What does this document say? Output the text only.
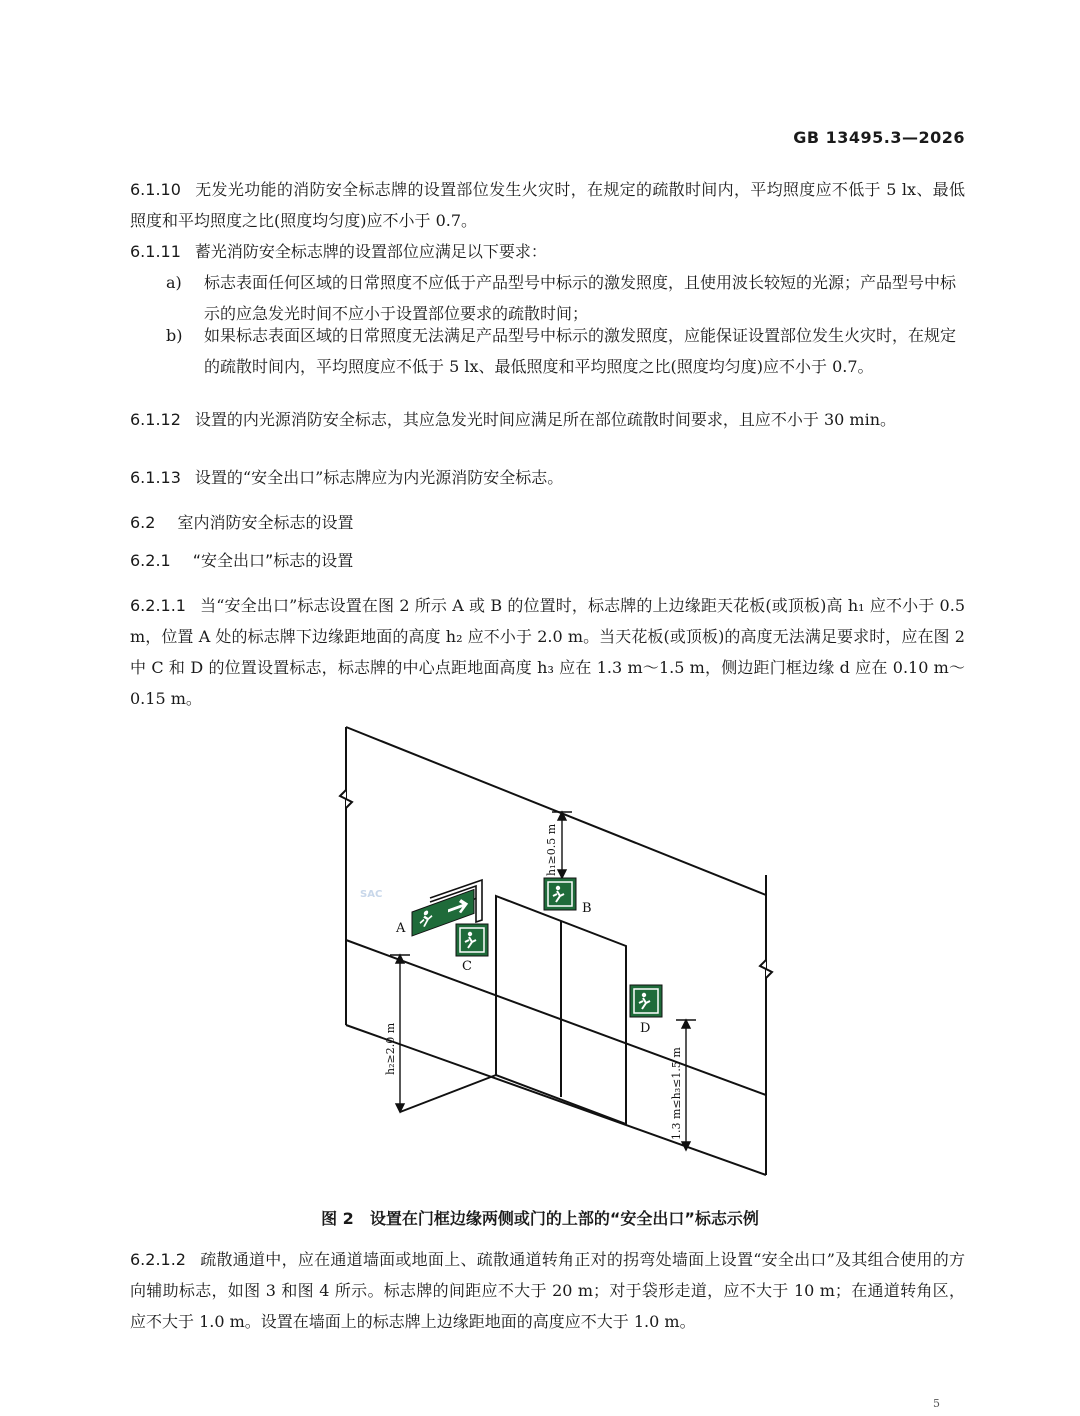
GB 13495.3—2026

6.1.10 无发光功能的消防安全标志牌的设置部位发生火灾时，在规定的疏散时间内，平均照度应不低于 5 lx、最低照度和平均照度之比(照度均匀度)应不小于 0.7。

6.1.11 蓄光消防安全标志牌的设置部位应满足以下要求：

a)	标志表面任何区域的日常照度不应低于产品型号中标示的激发照度，且使用波长较短的光源；产品型号中标示的应急发光时间不应小于设置部位要求的疏散时间；
b)	如果标志表面区域的日常照度无法满足产品型号中标示的激发照度，应能保证设置部位发生火灾时，在规定的疏散时间内，平均照度应不低于 5 lx、最低照度和平均照度之比(照度均匀度)应不小于 0.7。

6.1.12 设置的内光源消防安全标志，其应急发光时间应满足所在部位疏散时间要求，且应不小于 30 min。

6.1.13 设置的“安全出口”标志牌应为内光源消防安全标志。

6.2 室内消防安全标志的设置
6.2.1 “安全出口”标志的设置

6.2.1.1 当“安全出口”标志设置在图 2 所示 A 或 B 的位置时，标志牌的上边缘距天花板(或顶板)高 h₁ 应不小于 0.5 m，位置 A 处的标志牌下边缘距地面的高度 h₂ 应不小于 2.0 m。当天花板(或顶板)的高度无法满足要求时，应在图 2 中 C 和 D 的位置设置标志，标志牌的中心点距地面高度 h₃ 应在 1.3 m～1.5 m，侧边距门框边缘 d 应在 0.10 m～0.15 m。

SAC
A
B
C
D
h₁≥0.5 m
h₂≥2.0 m	1.3 m≤h₃≤1.5 m
图 2 设置在门框边缘两侧或门的上部的“安全出口”标志示例

6.2.1.2 疏散通道中，应在通道墙面或地面上、疏散通道转角正对的拐弯处墙面上设置“安全出口”及其组合使用的方向辅助标志，如图 3 和图 4 所示。标志牌的间距应不大于 20 m；对于袋形走道，应不大于 10 m；在通道转角区，应不大于 1.0 m。设置在墙面上的标志牌上边缘距地面的高度应不大于 1.0 m。

5
